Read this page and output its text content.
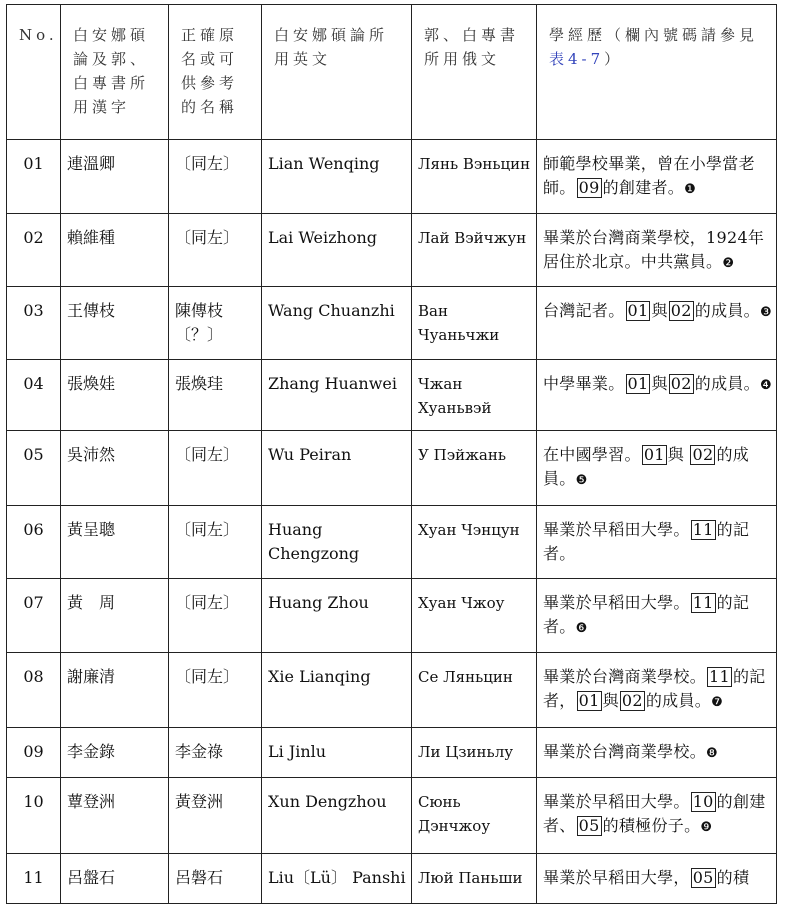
No.	白安娜碩論及郭、白專書所用漢字	正確原名或可供參考的名稱	白安娜碩論所用英文	郭、白專書所用俄文	學經歷（欄內號碼請參見表4-7）
01	連溫卿	〔同左〕	Lian Wenqing	Лянь Вэньцин	師範學校畢業，曾在小學當老師。 09 的創建者。❶
02	賴維種	〔同左〕	Lai Weizhong	Лай Вэйчжун	畢業於台灣商業學校，1924年居住於北京。中共黨員。❷
03	王傳枝	陳傳枝〔？〕	Wang Chuanzhi	Ван Чуаньчжи	台灣記者。 01 與 02 的成員。❸
04	張煥娃	張煥珪	Zhang Huanwei	Чжан Хуаньвэй	中學畢業。 01 與 02 的成員。❹
05	吳沛然	〔同左〕	Wu Peiran	У Пэйжань	在中國學習。 01 與 02 的成員。❺
06	黃呈聰	〔同左〕	Huang Chengzong	Хуан Чэнцун	畢業於早稻田大學。 11 的記者。
07	黃　周	〔同左〕	Huang Zhou	Хуан Чжоу	畢業於早稻田大學。 11 的記者。❻
08	謝廉清	〔同左〕	Xie Lianqing	Се Ляньцин	畢業於台灣商業學校。 11 的記者， 01 與 02 的成員。❼
09	李金錄	李金祿	Li Jinlu	Ли Цзиньлу	畢業於台灣商業學校。❽
10	蕈登洲	黃登洲	Xun Dengzhou	Сюнь Дэнчжоу	畢業於早稻田大學。 10 的創建者、 05 的積極份子。❾
11	呂盤石	呂磐石	Liu〔Lü〕 Panshi	Люй Паньши	畢業於早稻田大學， 05 的積
